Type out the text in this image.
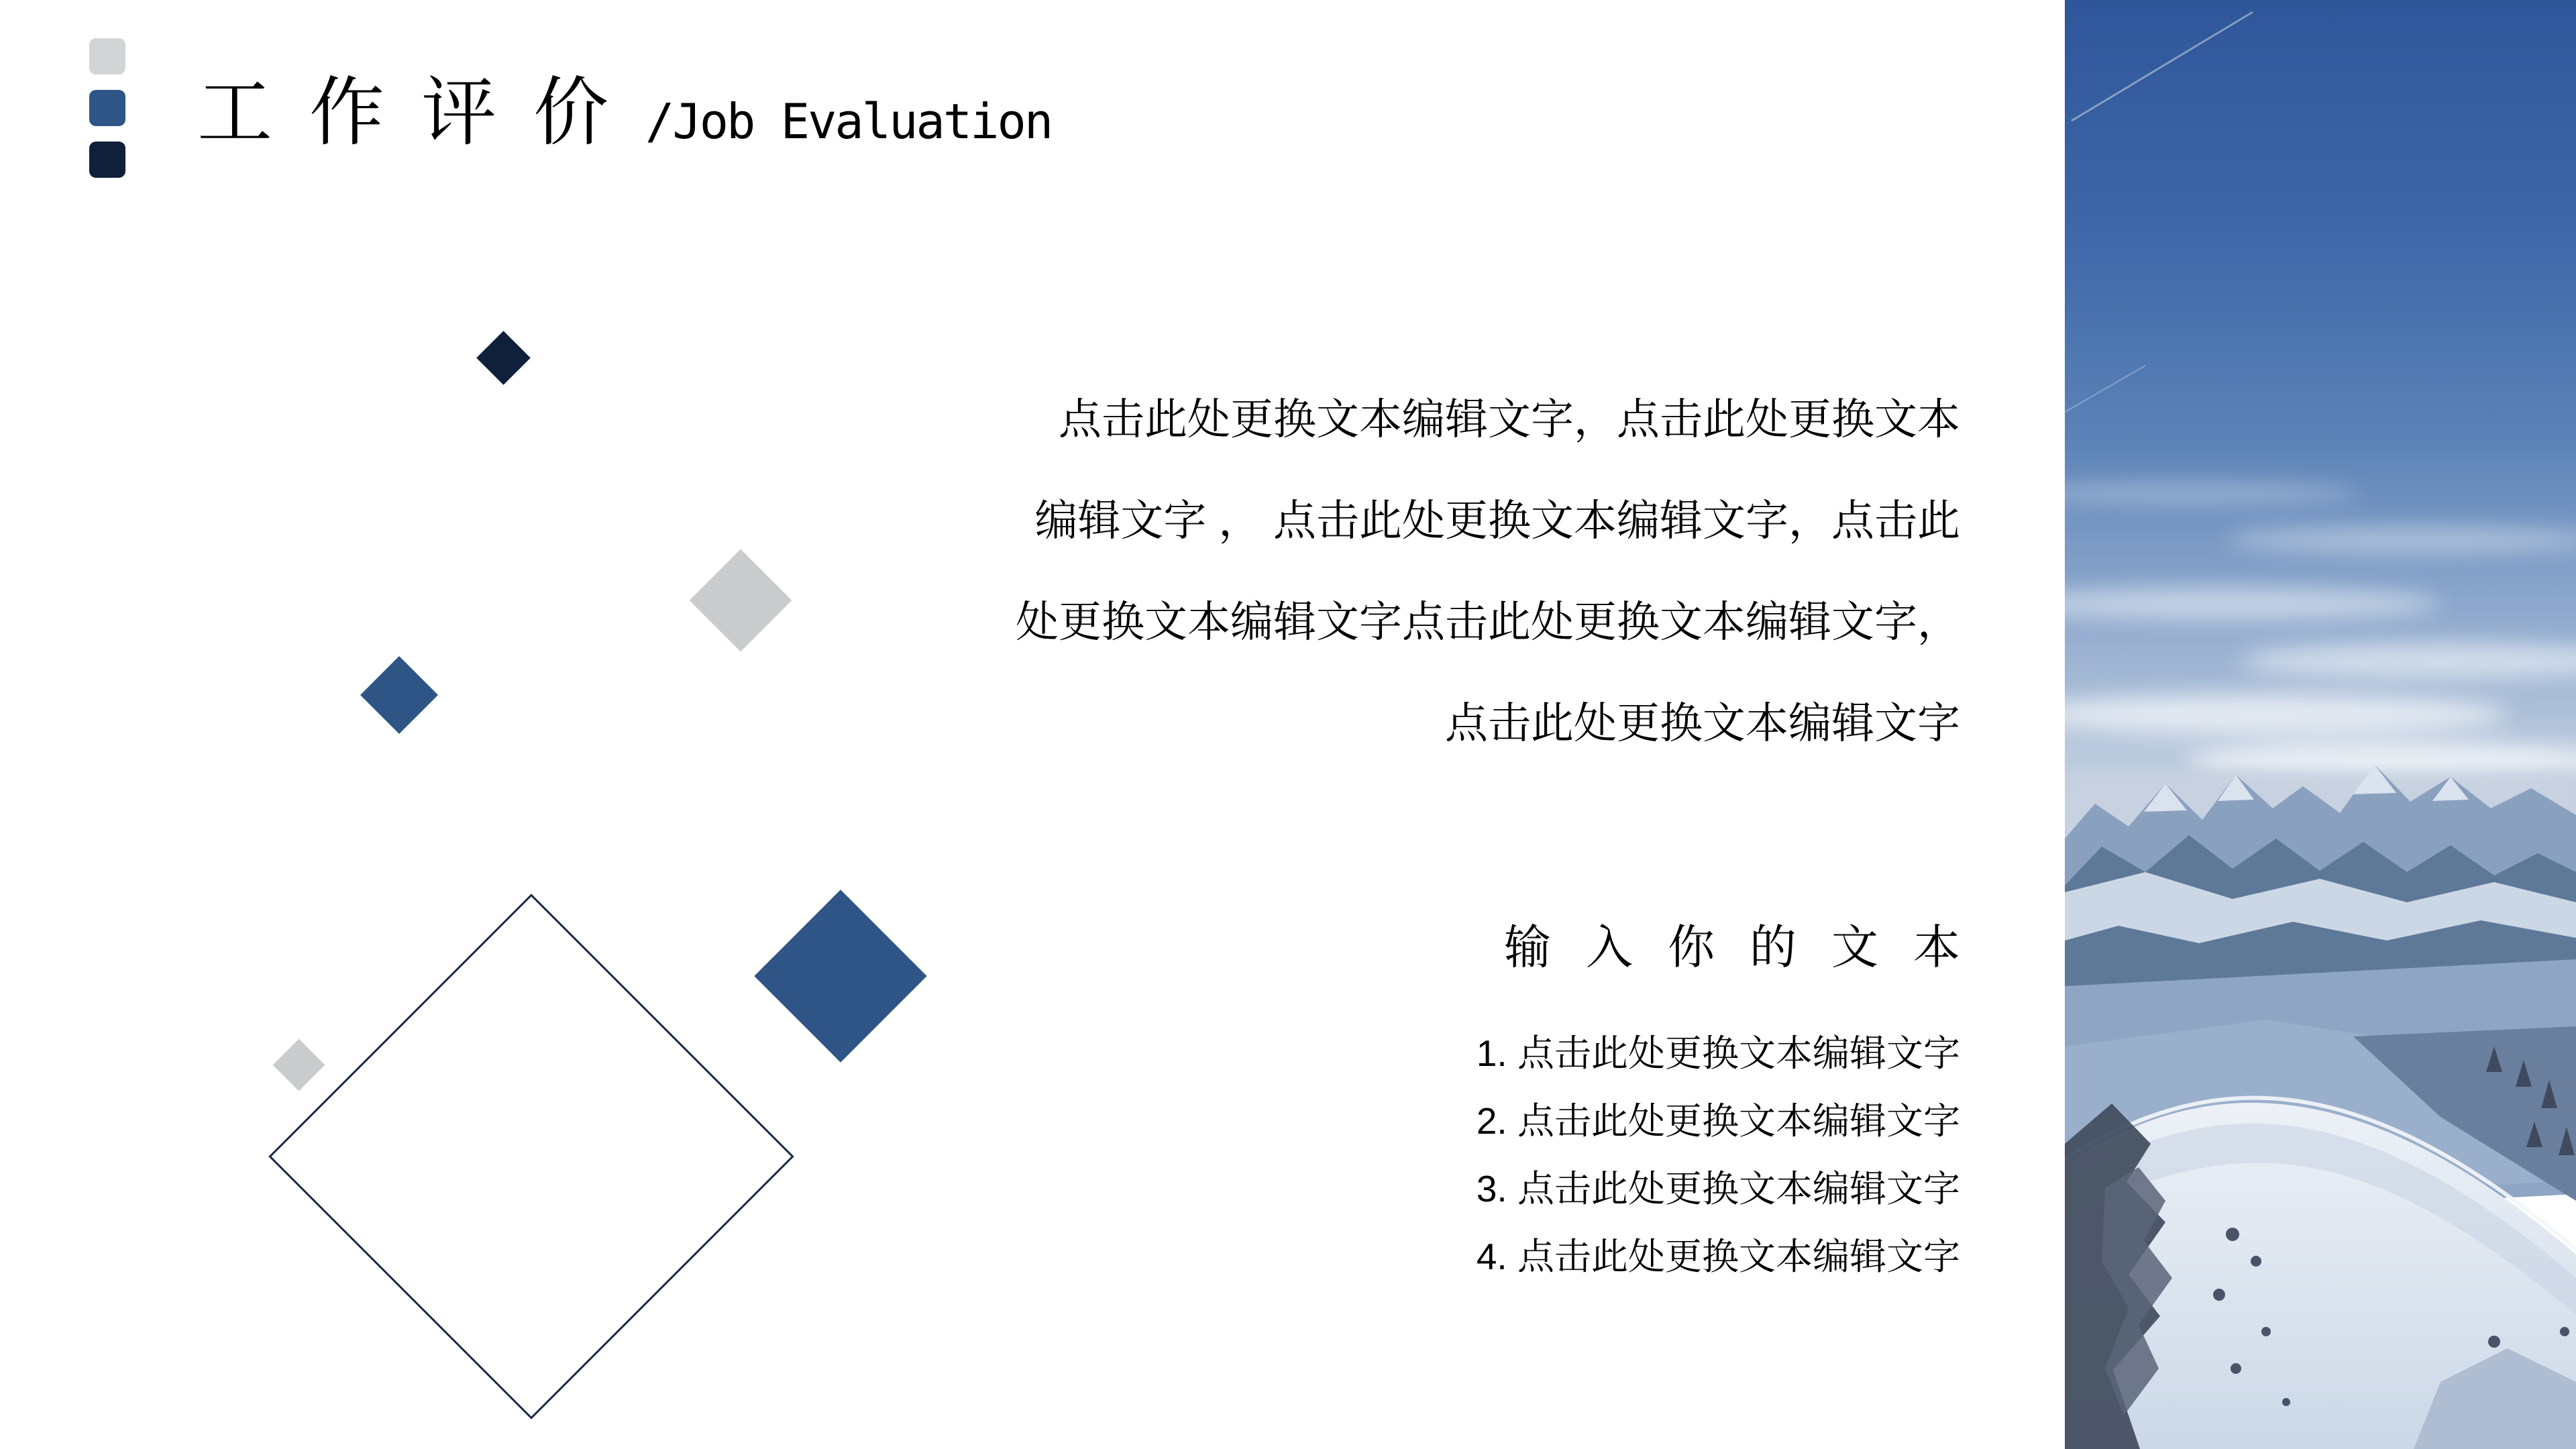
工作评价 /Job Evaluation
点击此处更换文本编辑文字，点击此处更换文本
编辑文字 ， 点击此处更换文本编辑文字，点击此
处更换文本编辑文字点击此处更换文本编辑文字，
点击此处更换文本编辑文字
输入你的文本
1. 点击此处更换文本编辑文字
2. 点击此处更换文本编辑文字
3. 点击此处更换文本编辑文字
4. 点击此处更换文本编辑文字
